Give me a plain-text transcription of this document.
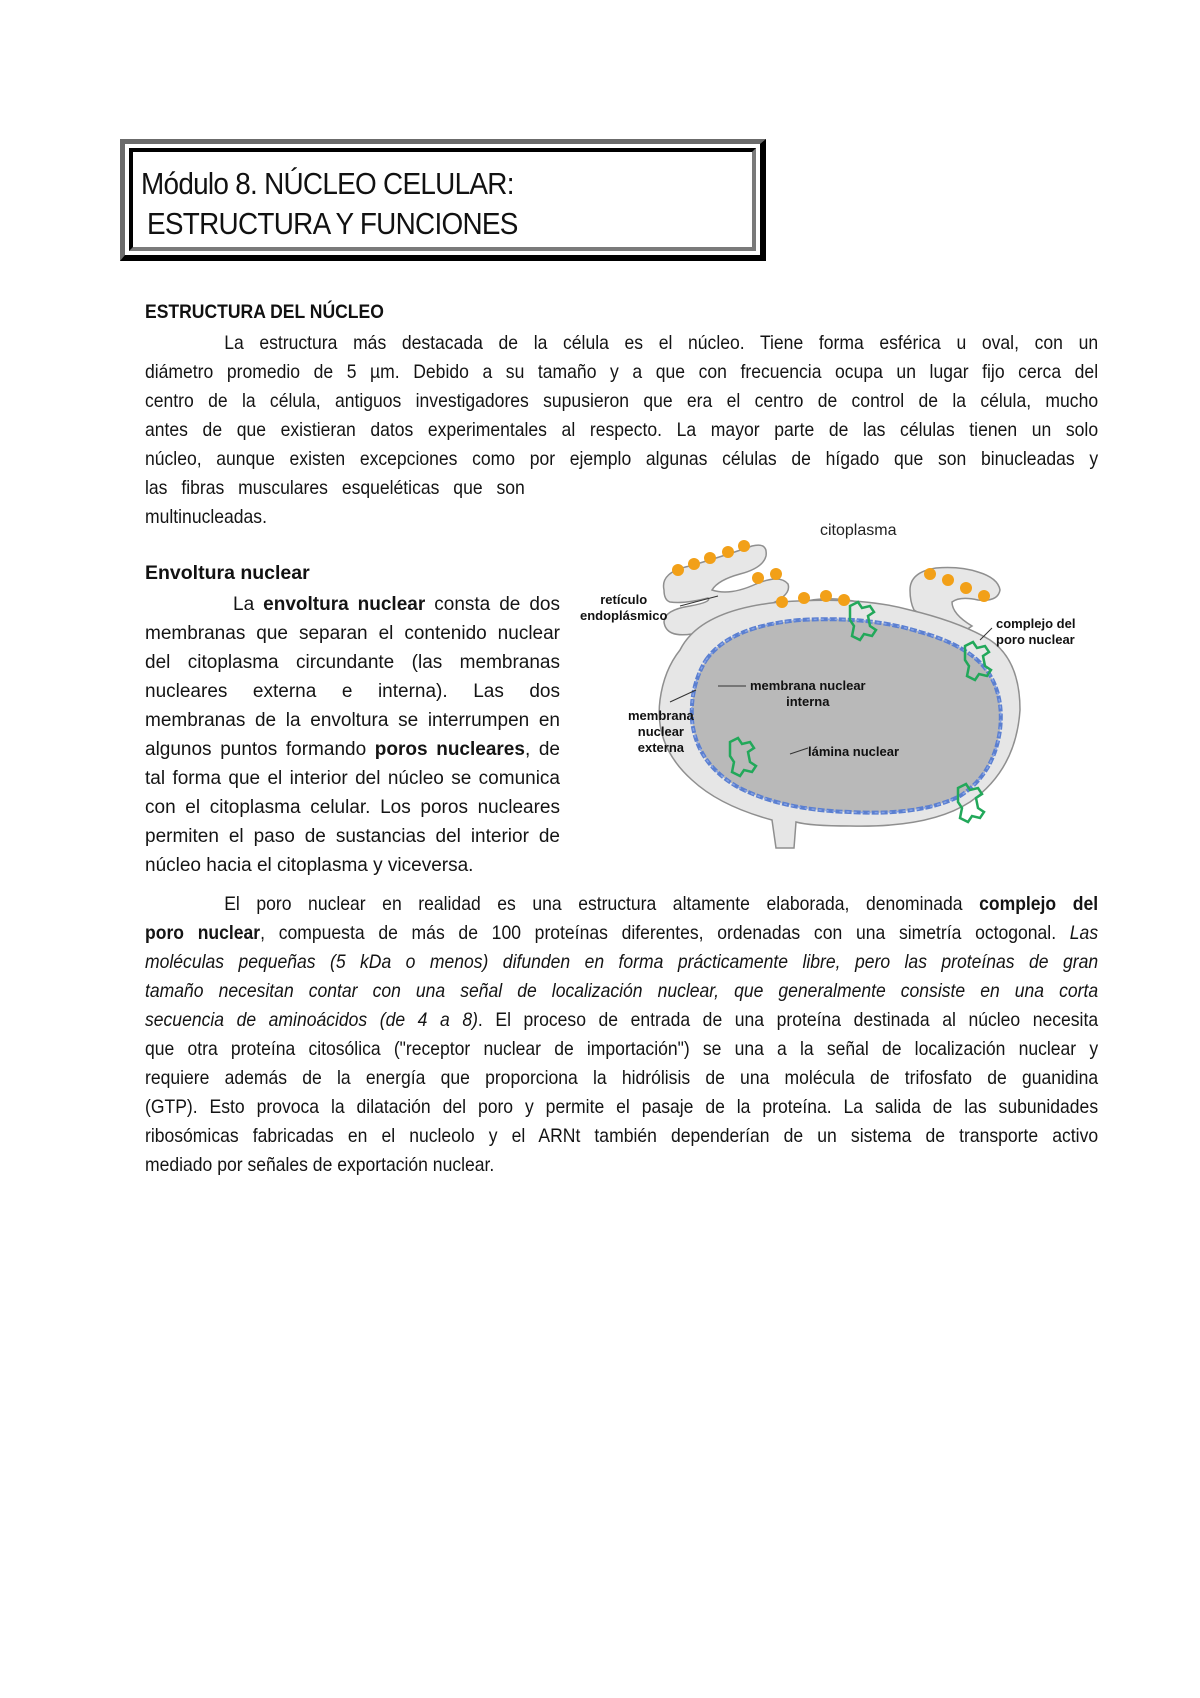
Módulo 8. NÚCLEO CELULAR:
ESTRUCTURA Y FUNCIONES
ESTRUCTURA DEL NÚCLEO
La estructura más destacada de la célula es el núcleo. Tiene forma esférica u oval, con un
diámetro promedio de 5 µm. Debido a su tamaño y a que con frecuencia ocupa un lugar fijo cerca del
centro de la célula, antiguos investigadores supusieron que era el centro de control de la célula, mucho
antes de que existieran datos experimentales al respecto. La mayor parte de las células tienen un solo
núcleo, aunque existen excepciones como por ejemplo algunas células de hígado que son binucleadas y
las fibras musculares esqueléticas que son
multinucleadas.
Envoltura nuclear
La envoltura nuclear consta de dos
membranas que separan el contenido nuclear
del citoplasma circundante (las membranas
nucleares externa e interna). Las dos
membranas de la envoltura se interrumpen en
algunos puntos formando poros nucleares, de
tal forma que el interior del núcleo se comunica
con el citoplasma celular. Los poros nucleares
permiten el paso de sustancias del interior de
núcleo hacia el citoplasma y viceversa.
citoplasma
retículo
endoplásmico
complejo del
poro nuclear
membrana nuclear
interna
membrana
nuclear
externa	lámina nuclear
El poro nuclear en realidad es una estructura altamente elaborada, denominada complejo del
poro nuclear, compuesta de más de 100 proteínas diferentes, ordenadas con una simetría octogonal. Las
moléculas pequeñas (5 kDa o menos) difunden en forma prácticamente libre, pero las proteínas de gran
tamaño necesitan contar con una señal de localización nuclear, que generalmente consiste en una corta
secuencia de aminoácidos (de 4 a 8). El proceso de entrada de una proteína destinada al núcleo necesita
que otra proteína citosólica ("receptor nuclear de importación") se una a la señal de localización nuclear y
requiere además de la energía que proporciona la hidrólisis de una molécula de trifosfato de guanidina
(GTP). Esto provoca la dilatación del poro y permite el pasaje de la proteína. La salida de las subunidades
ribosómicas fabricadas en el nucleolo y el ARNt también dependerían de un sistema de transporte activo
mediado por señales de exportación nuclear.
